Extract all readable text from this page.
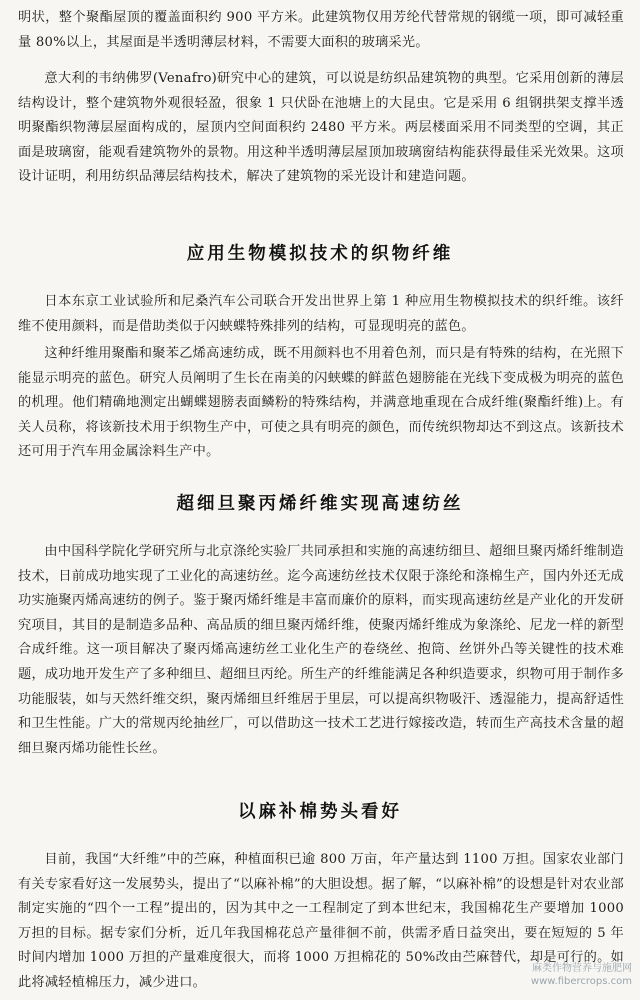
明状，整个聚酯屋顶的覆盖面积约 900 平方米。此建筑物仅用芳纶代替常规的钢缆一项，即可减轻重量 80%以上，其屋面是半透明薄层材料，不需要大面积的玻璃采光。

意大利的韦纳佛罗(Venafro)研究中心的建筑，可以说是纺织品建筑物的典型。它采用创新的薄层结构设计，整个建筑物外观很轻盈，很象 1 只伏卧在池塘上的大昆虫。它是采用 6 组钢拱架支撑半透明聚酯织物薄层屋面构成的，屋顶内空间面积约 2480 平方米。两层楼面采用不同类型的空调，其正面是玻璃窗，能观看建筑物外的景物。用这种半透明薄层屋顶加玻璃窗结构能获得最佳采光效果。这项设计证明，利用纺织品薄层结构技术，解决了建筑物的采光设计和建造问题。

应用生物模拟技术的织物纤维

日本东京工业试验所和尼桑汽车公司联合开发出世界上第 1 种应用生物模拟技术的织纤维。该纤维不使用颜料，而是借助类似于闪蛱蝶特殊排列的结构，可显现明亮的蓝色。

这种纤维用聚酯和聚苯乙烯高速纺成，既不用颜料也不用着色剂，而只是有特殊的结构，在光照下能显示明亮的蓝色。研究人员阐明了生长在南美的闪蛱蝶的鲜蓝色翅膀能在光线下变成极为明亮的蓝色的机理。他们精确地测定出蝴蝶翅膀表面鳞粉的特殊结构，并满意地重现在合成纤维(聚酯纤维)上。有关人员称，将该新技术用于织物生产中，可使之具有明亮的颜色，而传统织物却达不到这点。该新技术还可用于汽车用金属涂料生产中。

超细旦聚丙烯纤维实现高速纺丝

由中国科学院化学研究所与北京涤纶实验厂共同承担和实施的高速纺细旦、超细旦聚丙烯纤维制造技术，日前成功地实现了工业化的高速纺丝。迄今高速纺丝技术仅限于涤纶和涤棉生产，国内外还无成功实施聚丙烯高速纺的例子。鉴于聚丙烯纤维是丰富而廉价的原料，而实现高速纺丝是产业化的开发研究项目，其目的是制造多品种、高品质的细旦聚丙烯纤维，使聚丙烯纤维成为象涤纶、尼龙一样的新型合成纤维。这一项目解决了聚丙烯高速纺丝工业化生产的卷绕丝、抱筒、丝饼外凸等关键性的技术难题，成功地开发生产了多种细旦、超细旦丙纶。所生产的纤维能满足各种织造要求，织物可用于制作多功能服装，如与天然纤维交织，聚丙烯细旦纤维居于里层，可以提高织物吸汗、透湿能力，提高舒适性和卫生性能。广大的常规丙纶抽丝厂，可以借助这一技术工艺进行嫁接改造，转而生产高技术含量的超细旦聚丙烯功能性长丝。

以麻补棉势头看好

目前，我国“大纤维”中的苎麻，种植面积已逾 800 万亩，年产量达到 1100 万担。国家农业部门有关专家看好这一发展势头，提出了“以麻补棉”的大胆设想。据了解，“以麻补棉”的设想是针对农业部制定实施的“四个一工程”提出的，因为其中之一工程制定了到本世纪末，我国棉花生产要增加 1000 万担的目标。据专家们分析，近几年我国棉花总产量徘徊不前，供需矛盾日益突出，要在短短的 5 年时间内增加 1000 万担的产量难度很大，而将 1000 万担棉花的 50%改由苎麻替代，却是可行的。如此将减轻植棉压力，减少进口。

麻类作物营养与施肥网
www.fibercrops.com
